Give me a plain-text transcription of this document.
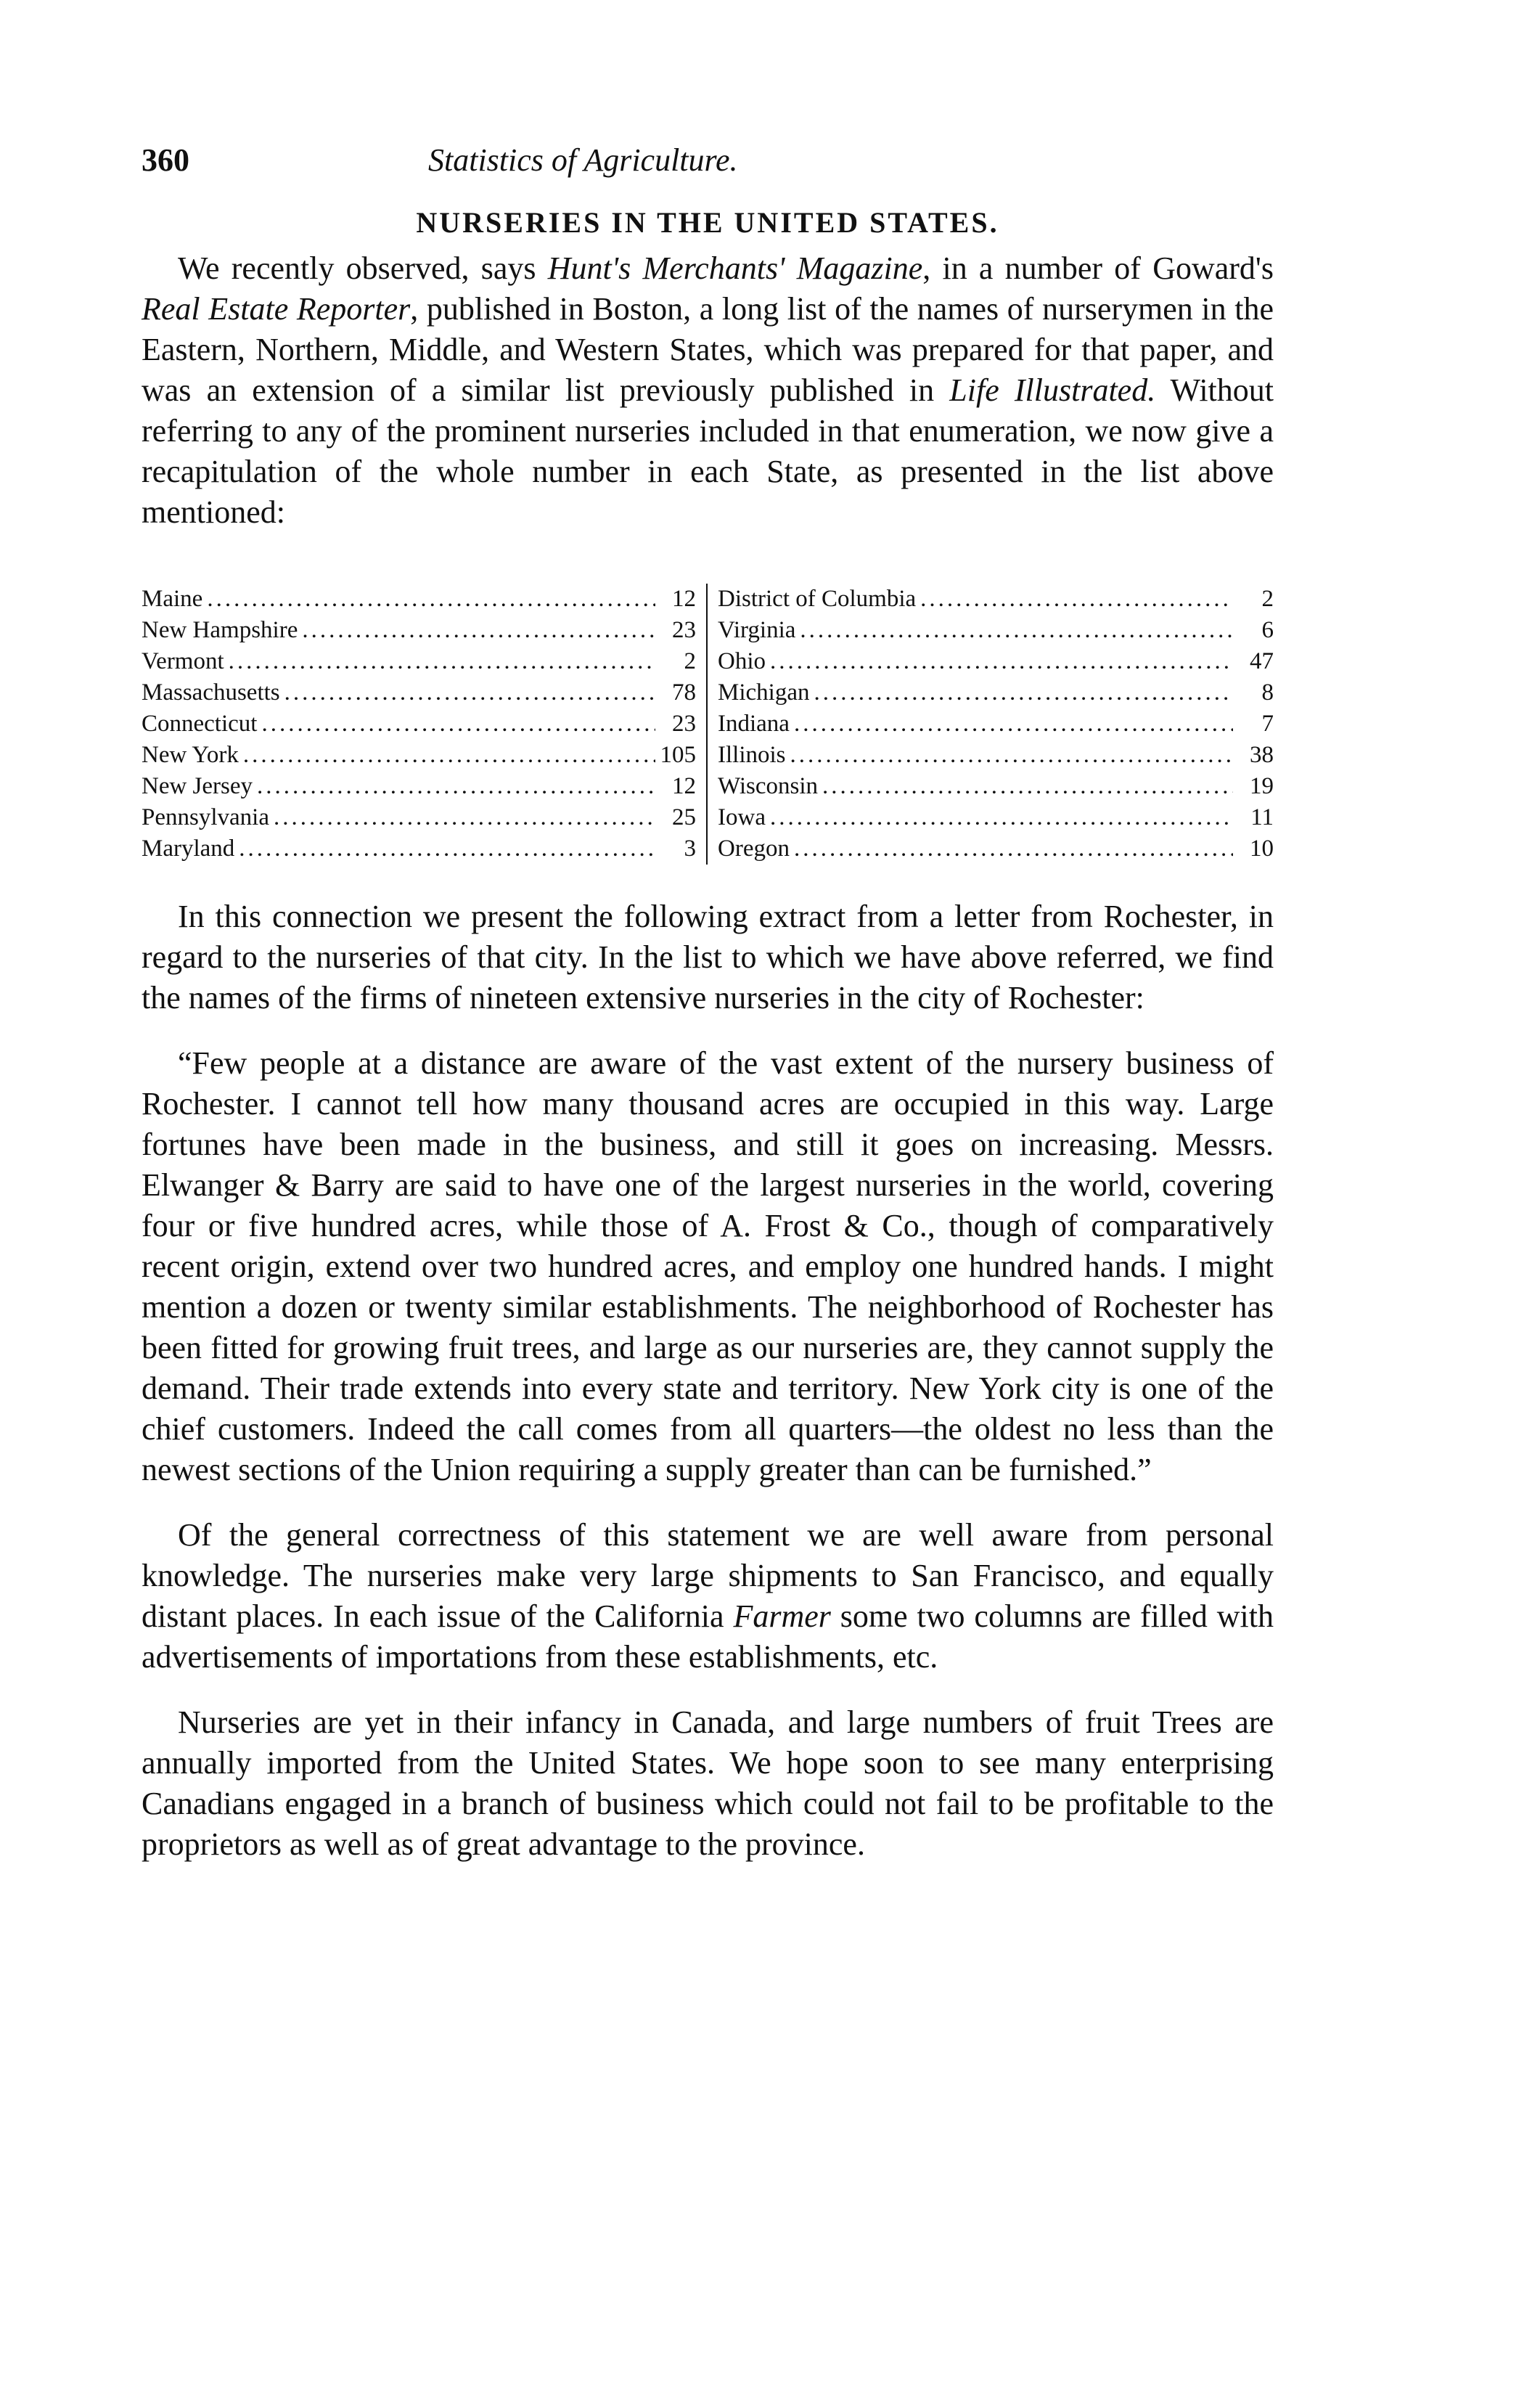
360	Statistics of Agriculture.
NURSERIES IN THE UNITED STATES.

We recently observed, says Hunt's Merchants' Magazine, in a number of Goward's Real Estate Reporter, published in Boston, a long list of the names of nurserymen in the Eastern, Northern, Middle, and Western States, which was prepared for that paper, and was an extension of a similar list previously published in Life Illustrated. Without referring to any of the prominent nurseries included in that enumeration, we now give a recapitulation of the whole number in each State, as presented in the list above mentioned:

Maine .....	12
New Hampshire .....	23
Vermont .....	2
Massachusetts .....	78
Connecticut .....	23
New York .....	105
New Jersey .....	12
Pennsylvania .....	25
Maryland .....	3
District of Columbia .....	2
Virginia .....	6
Ohio .....	47
Michigan .....	8
Indiana .....	7
Illinois .....	38
Wisconsin .....	19
Iowa .....	11
Oregon .....	10

In this connection we present the following extract from a letter from Rochester, in regard to the nurseries of that city. In the list to which we have above referred, we find the names of the firms of nineteen extensive nurseries in the city of Rochester:

“Few people at a distance are aware of the vast extent of the nursery business of Rochester. I cannot tell how many thousand acres are occupied in this way. Large fortunes have been made in the business, and still it goes on increasing. Messrs. Elwanger & Barry are said to have one of the largest nurseries in the world, covering four or five hundred acres, while those of A. Frost & Co., though of comparatively recent origin, extend over two hundred acres, and employ one hundred hands. I might mention a dozen or twenty similar establishments. The neighborhood of Rochester has been fitted for growing fruit trees, and large as our nurseries are, they cannot supply the demand. Their trade extends into every state and territory. New York city is one of the chief customers. Indeed the call comes from all quarters—the oldest no less than the newest sections of the Union requiring a supply greater than can be furnished.”

Of the general correctness of this statement we are well aware from personal knowledge. The nurseries make very large shipments to San Francisco, and equally distant places. In each issue of the California Farmer some two columns are filled with advertisements of importations from these establishments, etc.

Nurseries are yet in their infancy in Canada, and large numbers of fruit Trees are annually imported from the United States. We hope soon to see many enterprising Canadians engaged in a branch of business which could not fail to be profitable to the proprietors as well as of great advantage to the province.
